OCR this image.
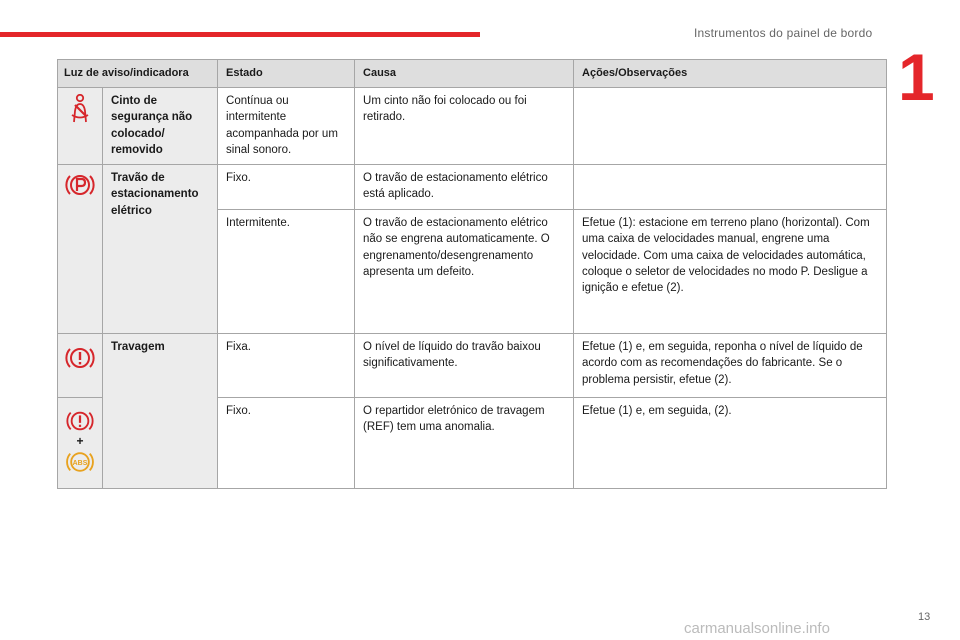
Instrumentos do painel de bordo
1
Luz de aviso/indicadora		Estado	Causa	Ações/Observações

	Cinto de segurança não colocado/ removido	Contínua ou intermitente acompanhada por um sinal sonoro.	Um cinto não foi colocado ou foi retirado.	

	Travão de estacionamento elétrico	Fixo.	O travão de estacionamento elétrico está aplicado.	
		Intermitente.	O travão de estacionamento elétrico não se engrena automaticamente. O engrenamento/desengrenamento apresenta um defeito.	Efetue (1): estacione em terreno plano (horizontal). Com uma caixa de velocidades manual, engrene uma velocidade. Com uma caixa de velocidades automática, coloque o seletor de velocidades no modo P. Desligue a ignição e efetue (2).

	Travagem	Fixa.	O nível de líquido do travão baixou significativamente.	Efetue (1) e, em seguida, reponha o nível de líquido de acordo com as recomendações do fabricante. Se o problema persistir, efetue (2).

+
ABS		Fixo.	O repartidor eletrónico de travagem (REF) tem uma anomalia.	Efetue (1) e, em seguida, (2).
13
carmanualsonline.info
